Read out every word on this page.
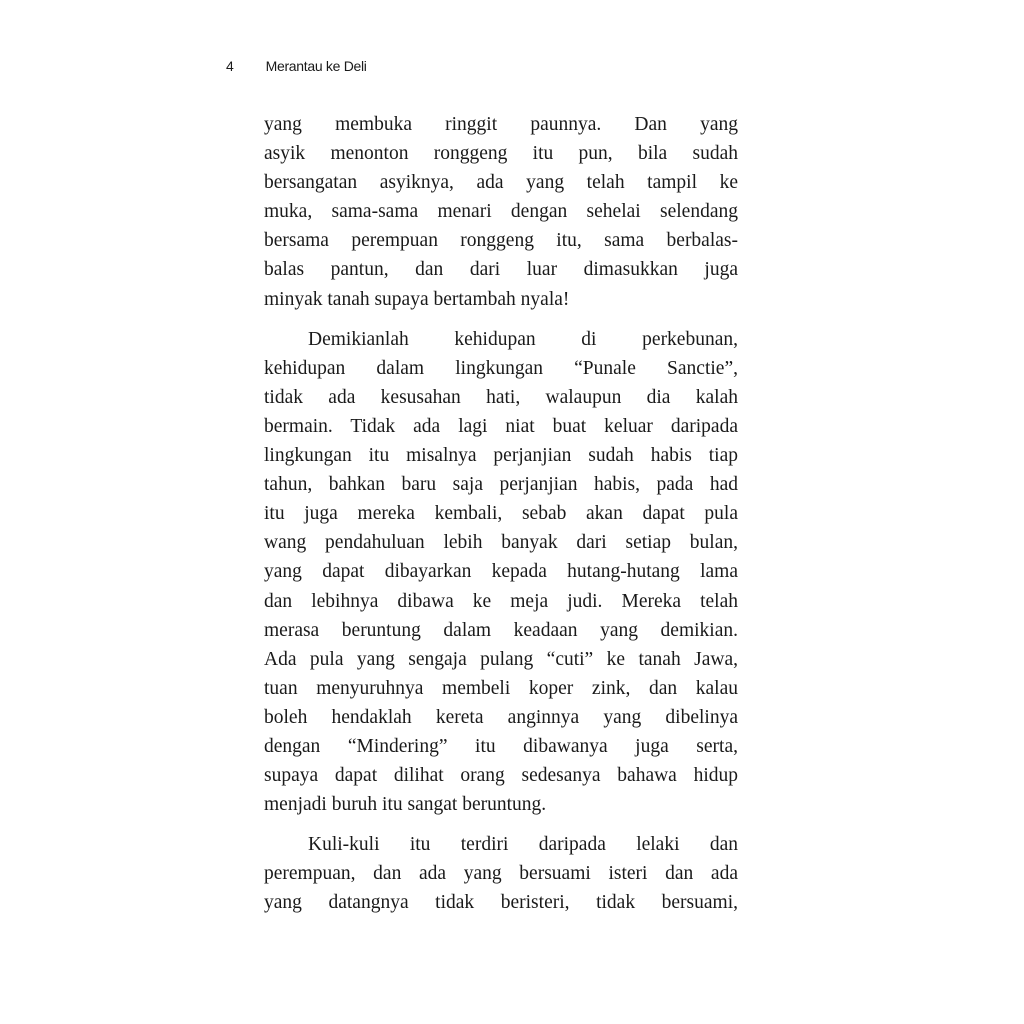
4 Merantau ke Deli

yang membuka ringgit paunnya. Dan yang
asyik menonton ronggeng itu pun, bila sudah
bersangatan asyiknya, ada yang telah tampil ke
muka, sama-sama menari dengan sehelai selendang
bersama perempuan ronggeng itu, sama berbalas-
balas pantun, dan dari luar dimasukkan juga
minyak tanah supaya bertambah nyala!

Demikianlah kehidupan di perkebunan,
kehidupan dalam lingkungan “Punale Sanctie”,
tidak ada kesusahan hati, walaupun dia kalah
bermain. Tidak ada lagi niat buat keluar daripada
lingkungan itu misalnya perjanjian sudah habis tiap
tahun, bahkan baru saja perjanjian habis, pada had
itu juga mereka kembali, sebab akan dapat pula
wang pendahuluan lebih banyak dari setiap bulan,
yang dapat dibayarkan kepada hutang-hutang lama
dan lebihnya dibawa ke meja judi. Mereka telah
merasa beruntung dalam keadaan yang demikian.
Ada pula yang sengaja pulang “cuti” ke tanah Jawa,
tuan menyuruhnya membeli koper zink, dan kalau
boleh hendaklah kereta anginnya yang dibelinya
dengan “Mindering” itu dibawanya juga serta,
supaya dapat dilihat orang sedesanya bahawa hidup
menjadi buruh itu sangat beruntung.

Kuli-kuli itu terdiri daripada lelaki dan
perempuan, dan ada yang bersuami isteri dan ada
yang datangnya tidak beristeri, tidak bersuami,
